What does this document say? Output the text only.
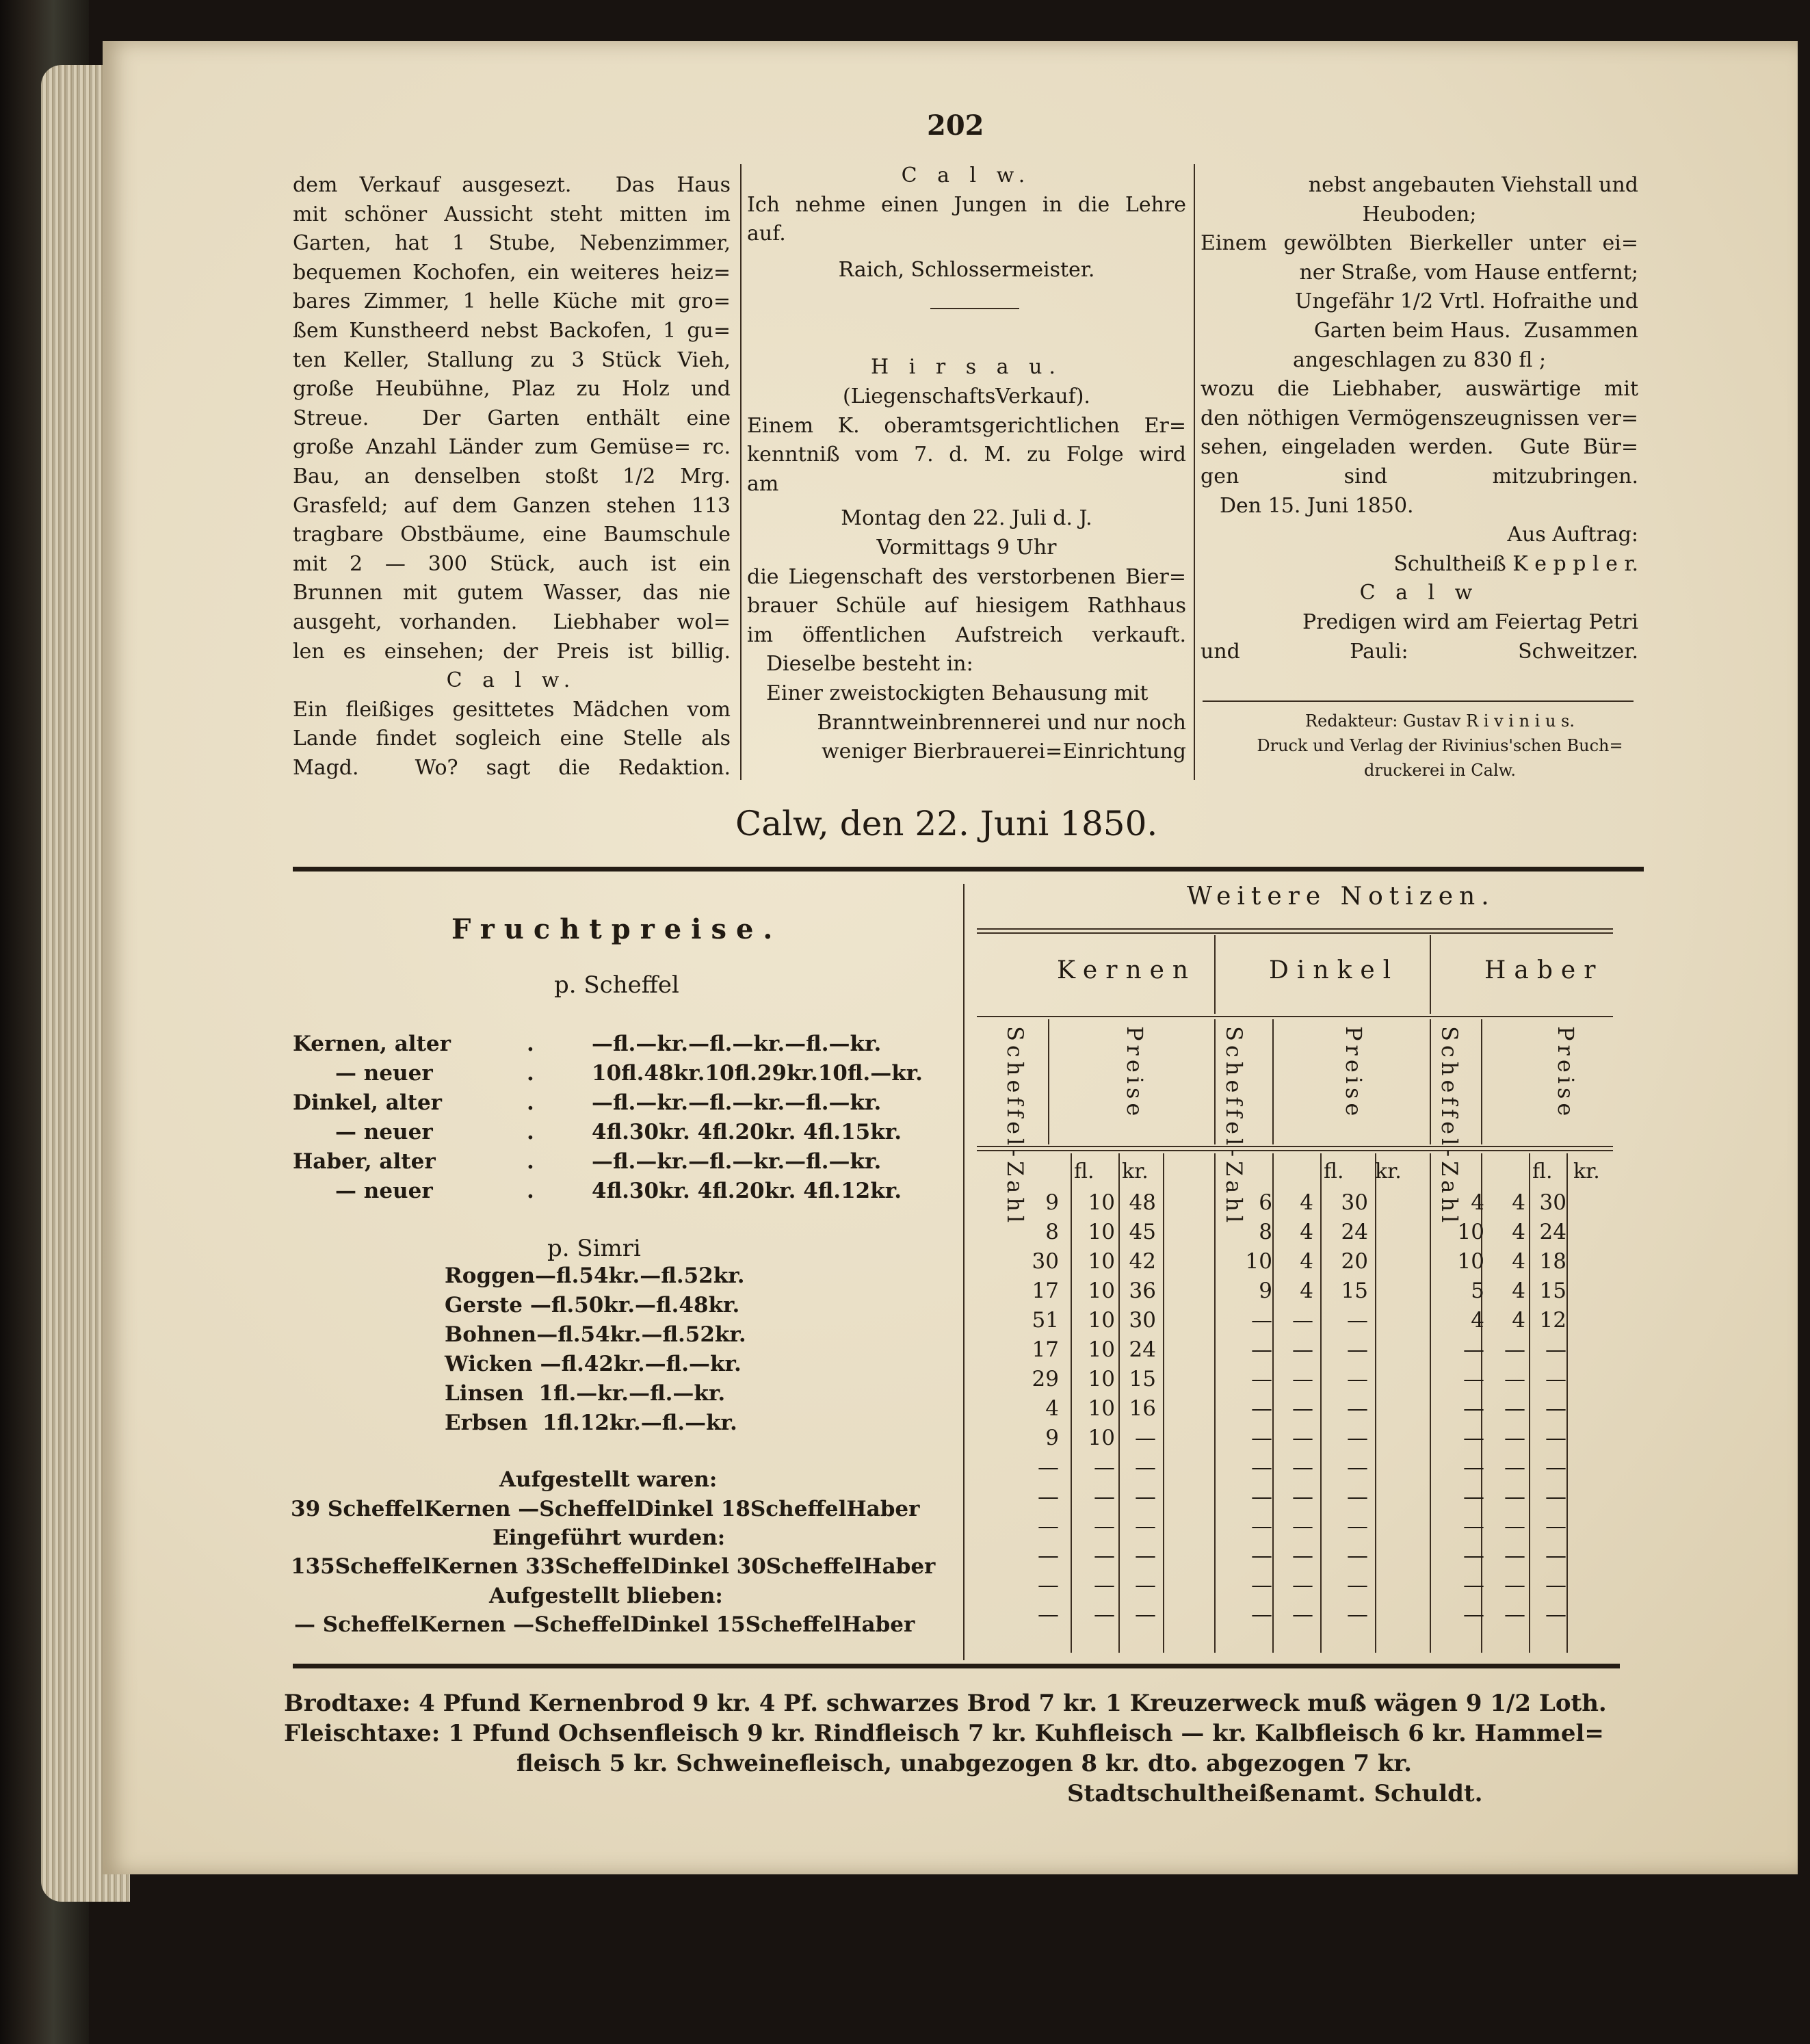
202

dem Verkauf ausgesezt.  Das Haus

mit schöner Aussicht steht mitten im

Garten, hat 1 Stube, Nebenzimmer,

bequemen Kochofen, ein weiteres heiz=

bares Zimmer, 1 helle Küche mit gro=

ßem Kunstheerd nebst Backofen, 1 gu=

ten Keller, Stallung zu 3 Stück Vieh,

große Heubühne, Plaz zu Holz und

Streue.  Der Garten enthält eine

große Anzahl Länder zum Gemüse= rc.

Bau, an denselben stoßt 1/2 Mrg.

Grasfeld; auf dem Ganzen stehen 113

tragbare Obstbäume, eine Baumschule

mit 2 — 300 Stück, auch ist ein

Brunnen mit gutem Wasser, das nie

ausgeht, vorhanden.  Liebhaber wol=

len es einsehen; der Preis ist billig.

C a l w.

Ein fleißiges gesittetes Mädchen vom

Lande findet sogleich eine Stelle als

Magd.  Wo? sagt die Redaktion.

C a l w.

Ich nehme einen Jungen in die Lehre

auf.

Raich, Schlossermeister.

H i r s a u.

(LiegenschaftsVerkauf).

Einem K. oberamtsgerichtlichen Er=

kenntniß vom 7. d. M. zu Folge wird

am

Montag den 22. Juli d. J.

Vormittags 9 Uhr

die Liegenschaft des verstorbenen Bier=

brauer Schüle auf hiesigem Rathhaus

im öffentlichen Aufstreich verkauft.

Dieselbe besteht in:

Einer zweistockigten Behausung mit

Branntweinbrennerei und nur noch

weniger Bierbrauerei=Einrichtung

nebst angebauten Viehstall und

Heuboden;

Einem gewölbten Bierkeller unter ei=

ner Straße, vom Hause entfernt;

Ungefähr 1/2 Vrtl. Hofraithe und

Garten beim Haus.  Zusammen

angeschlagen zu 830 fl ;

wozu die Liebhaber, auswärtige mit

den nöthigen Vermögenszeugnissen ver=

sehen, eingeladen werden.  Gute Bür=

gen sind mitzubringen.

Den 15. Juni 1850.

Aus Auftrag:

Schultheiß K e p p l e r.

C a l w

Predigen wird am Feiertag Petri

und Pauli: Schweitzer.

Redakteur: Gustav R i v i n i u s.

Druck und Verlag der Rivinius'schen Buch=

druckerei in Calw.

Calw, den 22. Juni 1850.
Fruchtpreise.
p. Scheffel
Kernen, alter	.	—fl.—kr.—fl.—kr.—fl.—kr.
— neuer	.	10fl.48kr.10fl.29kr.10fl.—kr.
Dinkel, alter	.	—fl.—kr.—fl.—kr.—fl.—kr.
— neuer	.	4fl.30kr. 4fl.20kr. 4fl.15kr.
Haber, alter	.	—fl.—kr.—fl.—kr.—fl.—kr.
— neuer	.	4fl.30kr. 4fl.20kr. 4fl.12kr.
p. Simri
Roggen—fl.54kr.—fl.52kr.
Gerste —fl.50kr.—fl.48kr.
Bohnen—fl.54kr.—fl.52kr.
Wicken —fl.42kr.—fl.—kr.
Linsen  1fl.—kr.—fl.—kr.
Erbsen  1fl.12kr.—fl.—kr.
Aufgestellt waren:
39 ScheffelKernen —ScheffelDinkel 18ScheffelHaber
Eingeführt wurden:
135ScheffelKernen 33ScheffelDinkel 30ScheffelHaber
Aufgestellt blieben:
— ScheffelKernen —ScheffelDinkel 15ScheffelHaber
Weitere Notizen.
Kernen	Dinkel	Haber
Scheffel-Zahl	Preise	Scheffel-Zahl	Preise	Scheffel-Zahl	Preise
fl. kr.	fl. kr.	fl. kr.
9	10 48	6	4	30	4	4 30
8	10 45	8	4	24	10	4 24
30	10 42	10	4	20	10	4 18
17	10 36	9	4	15	5	4 15
51	10 30	— —	—	4	4 12
17	10 24	— —	—	— — —
29	10 15	— —	—	— — —
4	10 16	— —	—	— — —
9	10 —	— —	—	— — —
—	— —	— —	—	— — —
—	— —	— —	—	— — —
—	— —	— —	—	— — —
—	— —	— —	—	— — —
—	— —	— —	—	— — —
—	— —	— —	—	— — —

Brodtaxe: 4 Pfund Kernenbrod 9 kr. 4 Pf. schwarzes Brod 7 kr. 1 Kreuzerweck muß wägen 9 1/2 Loth.

Fleischtaxe: 1 Pfund Ochsenfleisch 9 kr. Rindfleisch 7 kr. Kuhfleisch — kr. Kalbfleisch 6 kr. Hammel=

fleisch 5 kr. Schweinefleisch, unabgezogen 8 kr. dto. abgezogen 7 kr.

Stadtschultheißenamt. Schuldt.
